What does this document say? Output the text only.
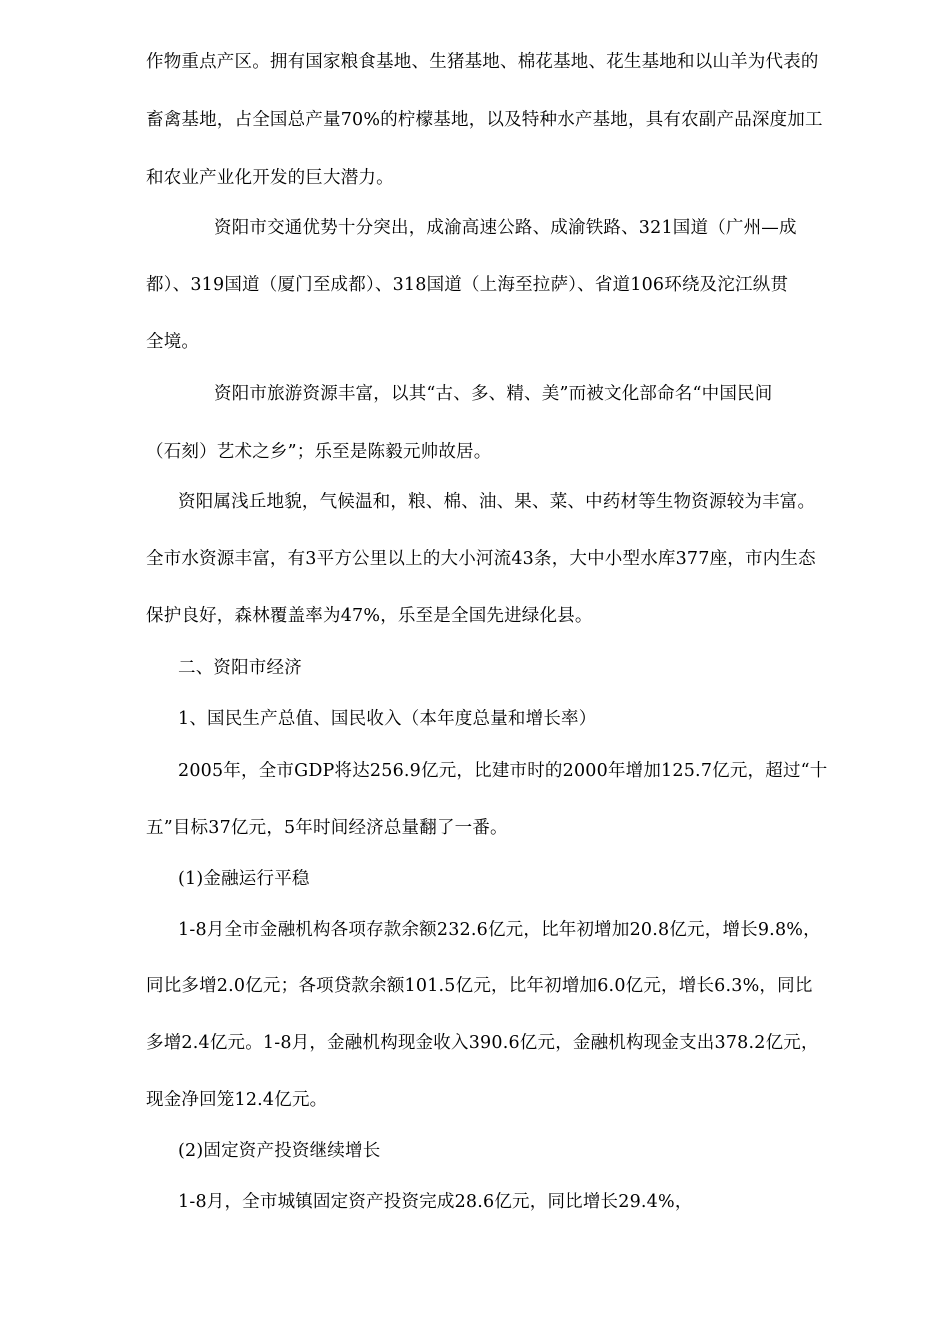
作物重点产区。拥有国家粮食基地、生猪基地、棉花基地、花生基地和以山羊为代表的
畜禽基地，占全国总产量70%的柠檬基地，以及特种水产基地，具有农副产品深度加工
和农业产业化开发的巨大潜力。
资阳市交通优势十分突出，成渝高速公路、成渝铁路、321国道（广州—成
都）、319国道（厦门至成都）、318国道（上海至拉萨）、省道106环绕及沱江纵贯
全境。
资阳市旅游资源丰富，以其“古、多、精、美”而被文化部命名“中国民间
（石刻）艺术之乡”；乐至是陈毅元帅故居。
资阳属浅丘地貌，气候温和，粮、棉、油、果、菜、中药材等生物资源较为丰富。
全市水资源丰富，有3平方公里以上的大小河流43条，大中小型水库377座，市内生态
保护良好，森林覆盖率为47%，乐至是全国先进绿化县。
二、资阳市经济
1、国民生产总值、国民收入（本年度总量和增长率）
2005年，全市GDP将达256.9亿元，比建市时的2000年增加125.7亿元，超过“十
五”目标37亿元，5年时间经济总量翻了一番。
(1)金融运行平稳
1-8月全市金融机构各项存款余额232.6亿元，比年初增加20.8亿元，增长9.8%，
同比多增2.0亿元；各项贷款余额101.5亿元，比年初增加6.0亿元，增长6.3%，同比
多增2.4亿元。1-8月，金融机构现金收入390.6亿元，金融机构现金支出378.2亿元，
现金净回笼12.4亿元。
(2)固定资产投资继续增长
1-8月，全市城镇固定资产投资完成28.6亿元，同比增长29.4%，
